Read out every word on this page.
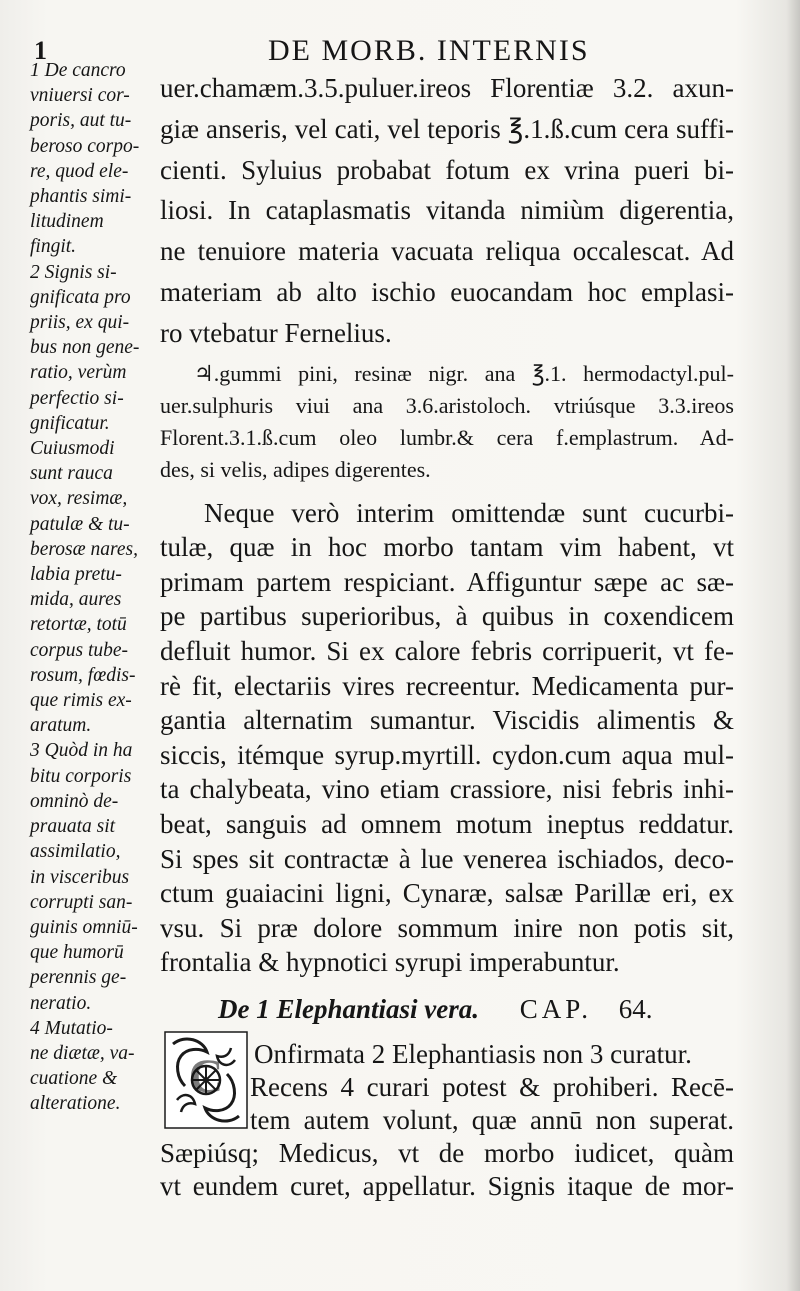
1	DE MORB. INTERNIS
1 De cancro
vniuersi cor-
poris, aut tu-
beroso corpo-
re, quod ele-
phantis simi-
litudinem
fingit.
2 Signis si-
gnificata pro
priis, ex qui-
bus non gene-
ratio, verùm
perfectio si-
gnificatur.
Cuiusmodi
sunt rauca
vox, resimæ,
patulæ & tu-
berosæ nares,
labia pretu-
mida, aures
retortæ, totū
corpus tube-
rosum, fœdis-
que rimis ex-
aratum.
3 Quòd in ha
bitu corporis
omninò de-
prauata sit
assimilatio,
in visceribus
corrupti san-
guinis omniū-
que humorū
perennis ge-
neratio.
4 Mutatio-
ne diætæ, va-
cuatione &
alteratione.
uer.chamæm.3.5.puluer.ireos Florentiæ 3.2. axun-
giæ anseris, vel cati, vel teporis ℥.1.ß.cum cera suffi-
cienti. Syluius probabat fotum ex vrina pueri bi-
liosi. In cataplasmatis vitanda nimiùm digerentia,
ne tenuiore materia vacuata reliqua occalescat. Ad
materiam ab alto ischio euocandam hoc emplasi-
ro vtebatur Fernelius.
♃.gummi pini, resinæ nigr. ana ℥.1. hermodactyl.pul-
uer.sulphuris viui ana 3.6.aristoloch. vtriúsque 3.3.ireos
Florent.3.1.ß.cum oleo lumbr.& cera f.emplastrum. Ad-
des, si velis, adipes digerentes.
Neque verò interim omittendæ sunt cucurbi-
tulæ, quæ in hoc morbo tantam vim habent, vt
primam partem respiciant. Affiguntur sæpe ac sæ-
pe partibus superioribus, à quibus in coxendicem
defluit humor. Si ex calore febris corripuerit, vt fe-
rè fit, electariis vires recreentur. Medicamenta pur-
gantia alternatim sumantur. Viscidis alimentis &
siccis, itémque syrup.myrtill. cydon.cum aqua mul-
ta chalybeata, vino etiam crassiore, nisi febris inhi-
beat, sanguis ad omnem motum ineptus reddatur.
Si spes sit contractæ à lue venerea ischiados, deco-
ctum guaiacini ligni, Cynaræ, salsæ Parillæ eri, ex
vsu. Si præ dolore sommum inire non potis sit,
frontalia & hypnotici syrupi imperabuntur.
De 1 Elephantiasi vera. CAP. 64.
C	Onfirmata 2 Elephantiasis non 3 curatur.
Recens 4 curari potest & prohiberi. Recē-
tem autem volunt, quæ annū non superat.
Sæpiúsq; Medicus, vt de morbo iudicet, quàm
vt eundem curet, appellatur. Signis itaque de mor-
